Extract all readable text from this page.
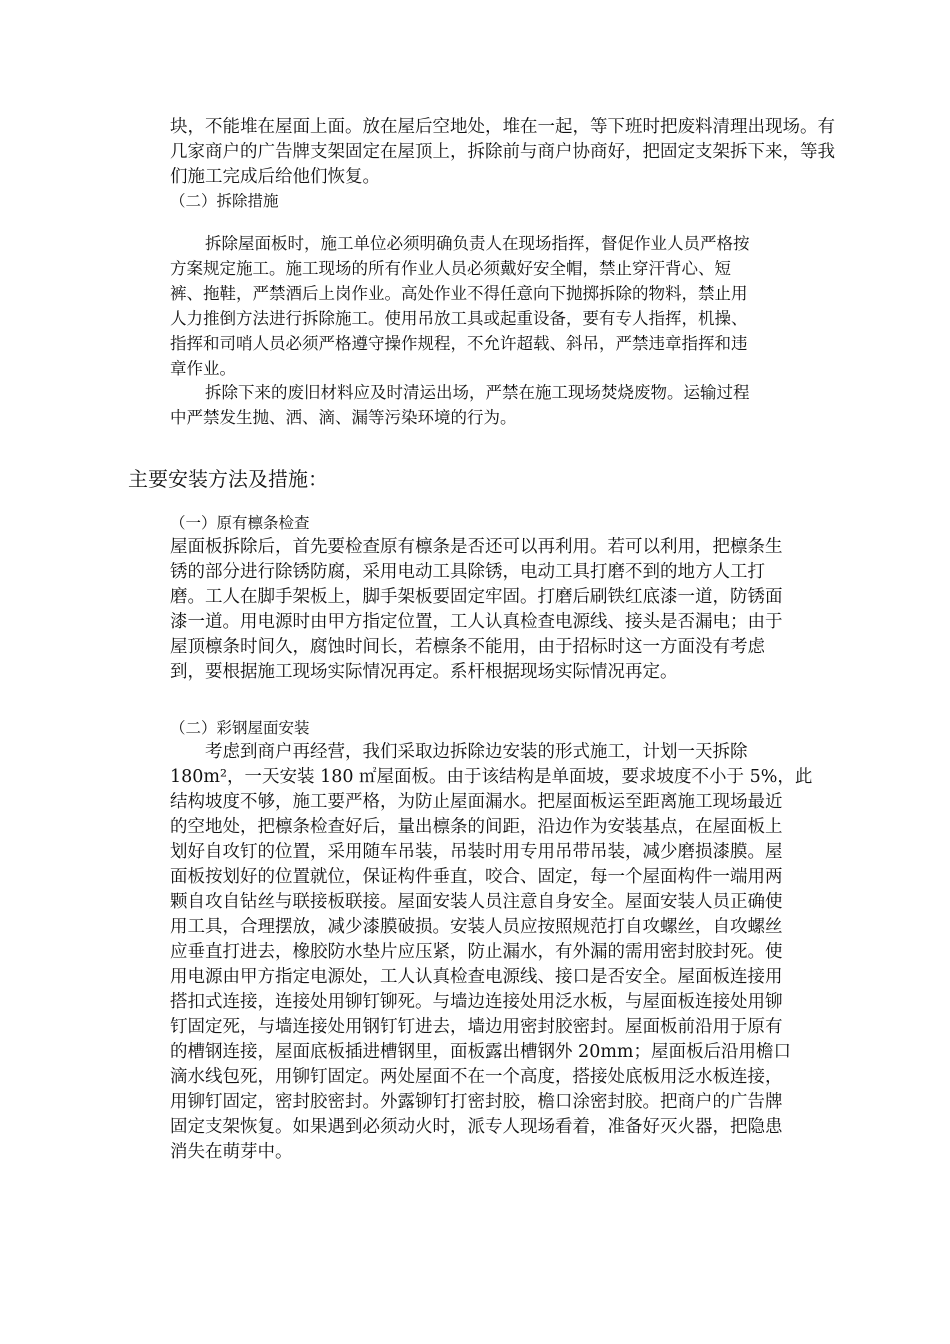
块，不能堆在屋面上面。放在屋后空地处，堆在一起，等下班时把废料清理出现场。有
几家商户的广告牌支架固定在屋顶上，拆除前与商户协商好，把固定支架拆下来，等我
们施工完成后给他们恢复。
（二）拆除措施
拆除屋面板时，施工单位必须明确负责人在现场指挥，督促作业人员严格按
方案规定施工。施工现场的所有作业人员必须戴好安全帽，禁止穿汗背心、短
裤、拖鞋，严禁酒后上岗作业。高处作业不得任意向下抛掷拆除的物料，禁止用
人力推倒方法进行拆除施工。使用吊放工具或起重设备，要有专人指挥，机操、
指挥和司哨人员必须严格遵守操作规程，不允许超载、斜吊，严禁违章指挥和违
章作业。
拆除下来的废旧材料应及时清运出场，严禁在施工现场焚烧废物。运输过程
中严禁发生抛、洒、滴、漏等污染环境的行为。
主要安装方法及措施：
（一）原有檩条检查
屋面板拆除后，首先要检查原有檩条是否还可以再利用。若可以利用，把檩条生
锈的部分进行除锈防腐，采用电动工具除锈，电动工具打磨不到的地方人工打
磨。工人在脚手架板上，脚手架板要固定牢固。打磨后刷铁红底漆一道，防锈面
漆一道。用电源时由甲方指定位置，工人认真检查电源线、接头是否漏电；由于
屋顶檩条时间久，腐蚀时间长，若檩条不能用，由于招标时这一方面没有考虑
到，要根据施工现场实际情况再定。系杆根据现场实际情况再定。
（二）彩钢屋面安装
考虑到商户再经营，我们采取边拆除边安装的形式施工，计划一天拆除
180m²，一天安装 180 ㎡屋面板。由于该结构是单面坡，要求坡度不小于 5%，此
结构坡度不够，施工要严格，为防止屋面漏水。把屋面板运至距离施工现场最近
的空地处，把檩条检查好后，量出檩条的间距，沿边作为安装基点，在屋面板上
划好自攻钉的位置，采用随车吊装，吊装时用专用吊带吊装，减少磨损漆膜。屋
面板按划好的位置就位，保证构件垂直，咬合、固定，每一个屋面构件一端用两
颗自攻自钻丝与联接板联接。屋面安装人员注意自身安全。屋面安装人员正确使
用工具，合理摆放，减少漆膜破损。安装人员应按照规范打自攻螺丝，自攻螺丝
应垂直打进去，橡胶防水垫片应压紧，防止漏水，有外漏的需用密封胶封死。使
用电源由甲方指定电源处，工人认真检查电源线、接口是否安全。屋面板连接用
搭扣式连接，连接处用铆钉铆死。与墙边连接处用泛水板，与屋面板连接处用铆
钉固定死，与墙连接处用钢钉钉进去，墙边用密封胶密封。屋面板前沿用于原有
的槽钢连接，屋面底板插进槽钢里，面板露出槽钢外 20mm；屋面板后沿用檐口
滴水线包死，用铆钉固定。两处屋面不在一个高度，搭接处底板用泛水板连接，
用铆钉固定，密封胶密封。外露铆钉打密封胶，檐口涂密封胶。把商户的广告牌
固定支架恢复。如果遇到必须动火时，派专人现场看着，准备好灭火器，把隐患
消失在萌芽中。
